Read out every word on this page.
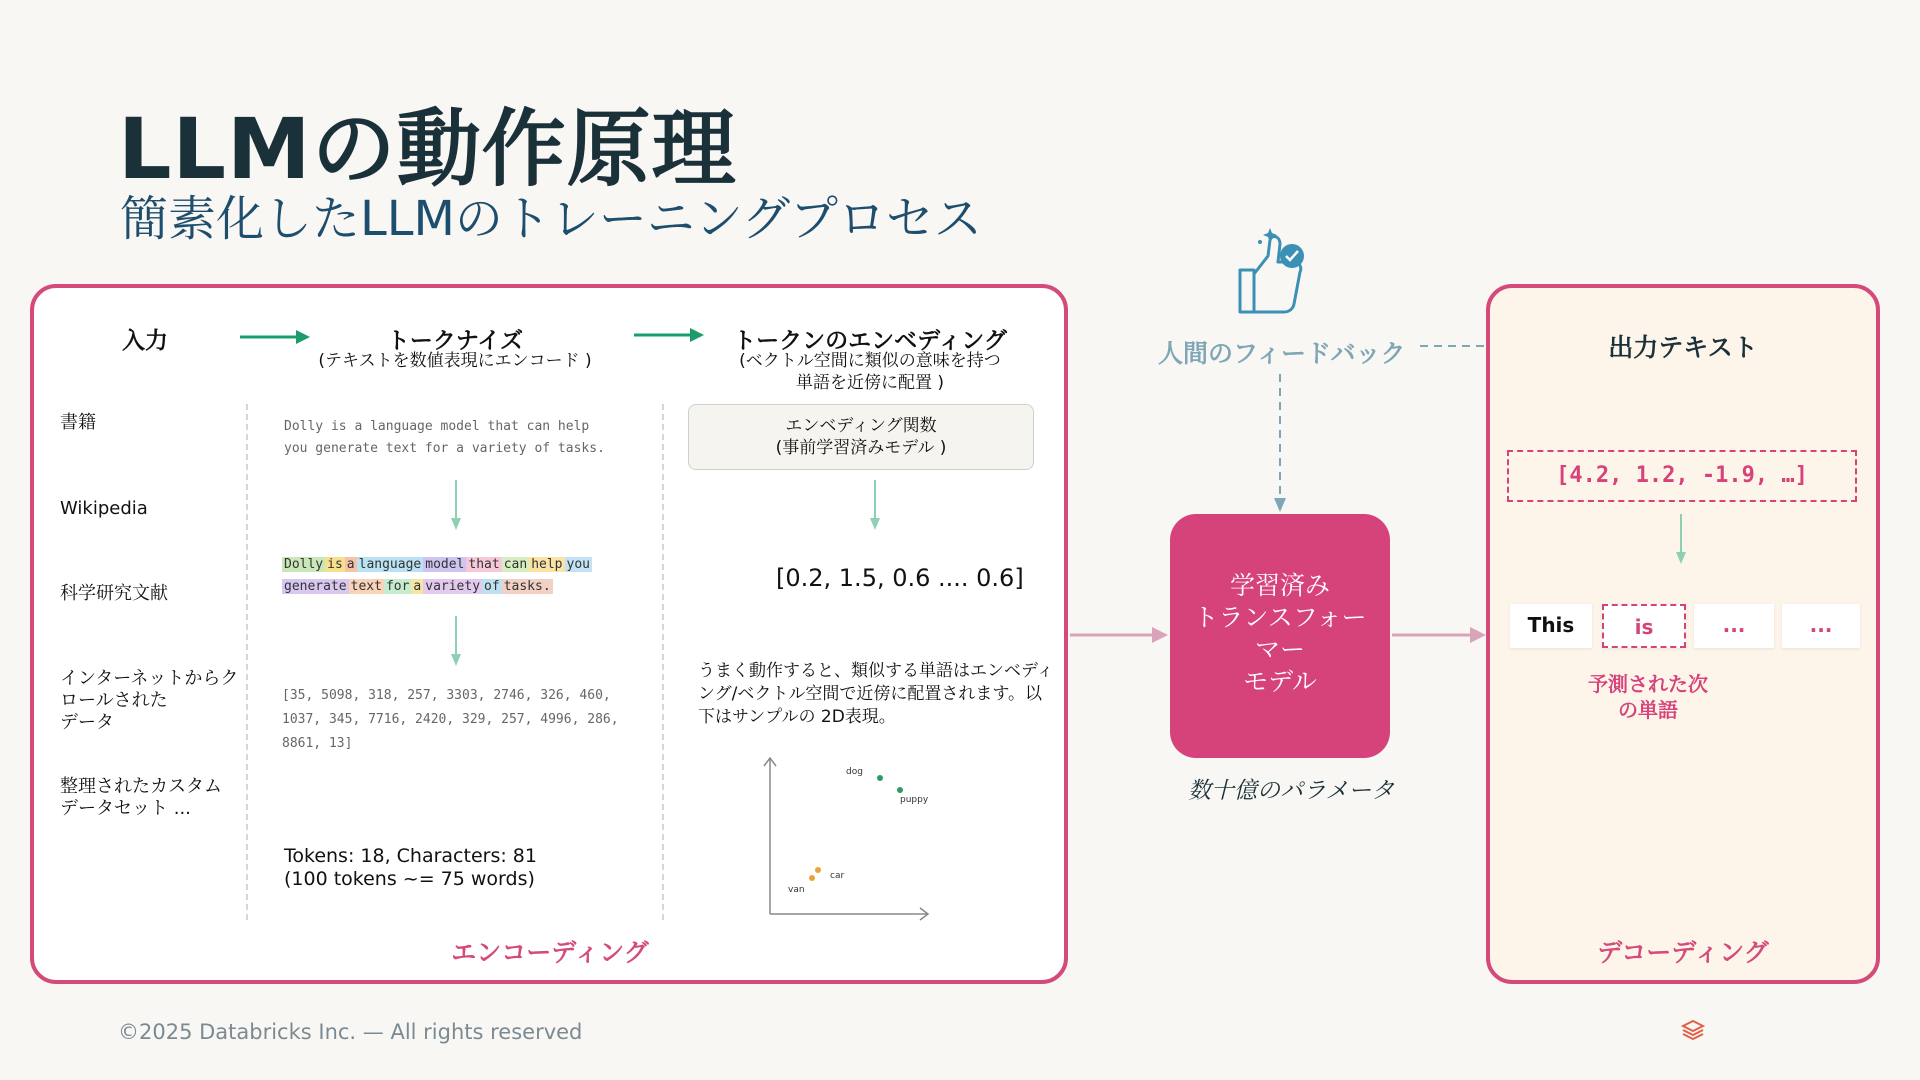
LLMの動作原理
簡素化したLLMのトレーニングプロセス
入力	トークナイズ
(テキストを数値表現にエンコード )
トークンのエンベディング
(ベクトル空間に類似の意味を持つ
単語を近傍に配置 )
書籍
Wikipedia
科学研究文献
インターネットからク
ロールされた
データ
整理されたカスタム
データセット ...
Dolly is a language model that can help
you generate text for a variety of tasks.
Dolly is a language model that can help you
generate text for a variety of tasks.
[35, 5098, 318, 257, 3303, 2746, 326, 460,
1037, 345, 7716, 2420, 329, 257, 4996, 286,
8861, 13]
Tokens: 18, Characters: 81
(100 tokens ~= 75 words)
エンベディング関数
(事前学習済みモデル )
[0.2, 1.5, 0.6 .... 0.6]
うまく動作すると、類似する単語はエンベディ
ング/ベクトル空間で近傍に配置されます。以
下はサンプルの 2D表現。
dog
puppy
car
van
エンコーディング
人間のフィードバック
学習済み
トランスフォー
マー
モデル
数十億のパラメータ
出力テキスト
[4.2, 1.2, -1.9, …]
This	is	...	...
予測された次
の単語
デコーディング
©2025 Databricks Inc. — All rights reserved
